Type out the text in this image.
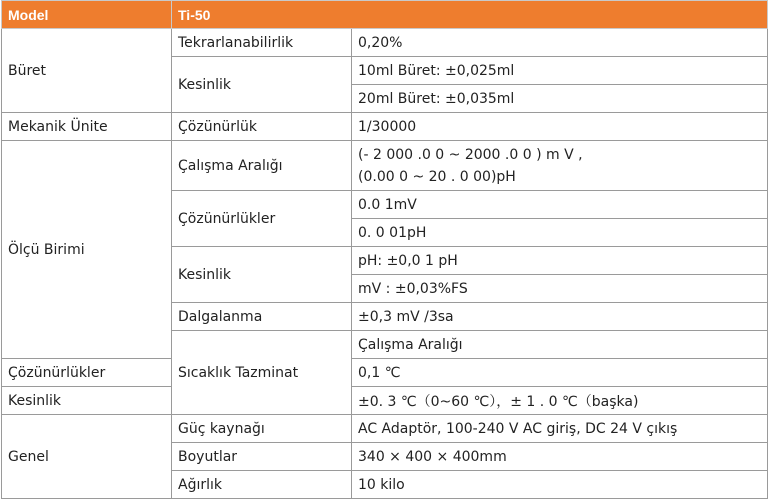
Model	Ti-50		
Büret	Tekrarlanabilirlik	0,20%	
	Kesinlik	10ml Büret: ±0,025ml	
		20ml Büret: ±0,035ml	
Mekanik Ünite	Çözünürlük	1/30000	
Ölçü Birimi	Çalışma Aralığı	(- 2 000 .0 0 ~ 2000 .0 0 ) m V ,
(0.00 0 ~ 20 . 0 00)pH	

	Çözünürlükler	0.0 1mV	
		0. 0 01pH	
	Kesinlik	pH: ±0,0 1 pH	
		mV : ±0,03%FS	
	Dalgalanma	±0,3 mV /3sa	
	Sıcaklık Tazminat	Çalışma Aralığı	
Çözünürlükler		0,1 ℃	
Kesinlik		±0. 3 ℃（0~60 ℃），± 1 . 0 ℃（başka)	
Genel	Güç kaynağı	AC Adaptör, 100-240 V AC giriş, DC 24 V çıkış	
	Boyutlar	340 × 400 × 400mm	
	Ağırlık	10 kilo	
